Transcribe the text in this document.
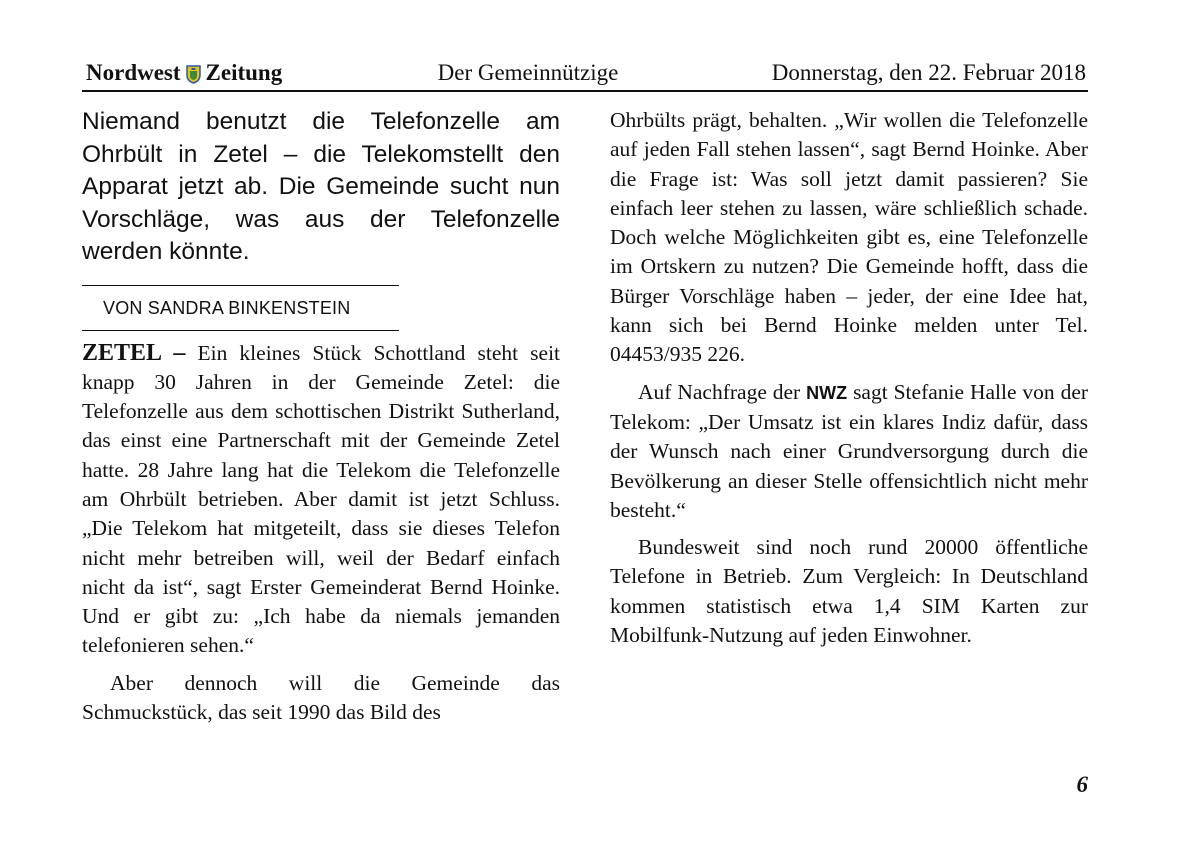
Nordwest Zeitung	Der Gemeinnützige	Donnerstag, den 22. Februar 2018

Niemand benutzt die Telefonzelle am Ohrbült in Zetel – die Telekomstellt den Apparat jetzt ab. Die Gemeinde sucht nun Vorschläge, was aus der Telefonzelle werden könnte.

VON SANDRA BINKENSTEIN

ZETEL – Ein kleines Stück Schottland steht seit knapp 30 Jahren in der Gemeinde Zetel: die Telefonzelle aus dem schottischen Distrikt Sutherland, das einst eine Partnerschaft mit der Gemeinde Zetel hatte. 28 Jahre lang hat die Telekom die Telefonzelle am Ohrbült betrieben. Aber damit ist jetzt Schluss. „Die Telekom hat mitgeteilt, dass sie dieses Telefon nicht mehr betreiben will, weil der Bedarf einfach nicht da ist“, sagt Erster Gemeinderat Bernd Hoinke. Und er gibt zu: „Ich habe da niemals jemanden telefonieren sehen.“

Aber dennoch will die Gemeinde das Schmuckstück, das seit 1990 das Bild des

Ohrbülts prägt, behalten. „Wir wollen die Telefonzelle auf jeden Fall stehen lassen“, sagt Bernd Hoinke. Aber die Frage ist: Was soll jetzt damit passieren? Sie einfach leer stehen zu lassen, wäre schließlich schade. Doch welche Möglichkeiten gibt es, eine Telefonzelle im Ortskern zu nutzen? Die Gemeinde hofft, dass die Bürger Vorschläge haben – jeder, der eine Idee hat, kann sich bei Bernd Hoinke melden unter Tel. 04453/935 226.

Auf Nachfrage der NWZ sagt Stefanie Halle von der Telekom: „Der Umsatz ist ein klares Indiz dafür, dass der Wunsch nach einer Grundversorgung durch die Bevölkerung an dieser Stelle offensichtlich nicht mehr besteht.“

Bundesweit sind noch rund 20000 öffentliche Telefone in Betrieb. Zum Vergleich: In Deutschland kommen statistisch etwa 1,4 SIM Karten zur Mobilfunk-Nutzung auf jeden Einwohner.

6
